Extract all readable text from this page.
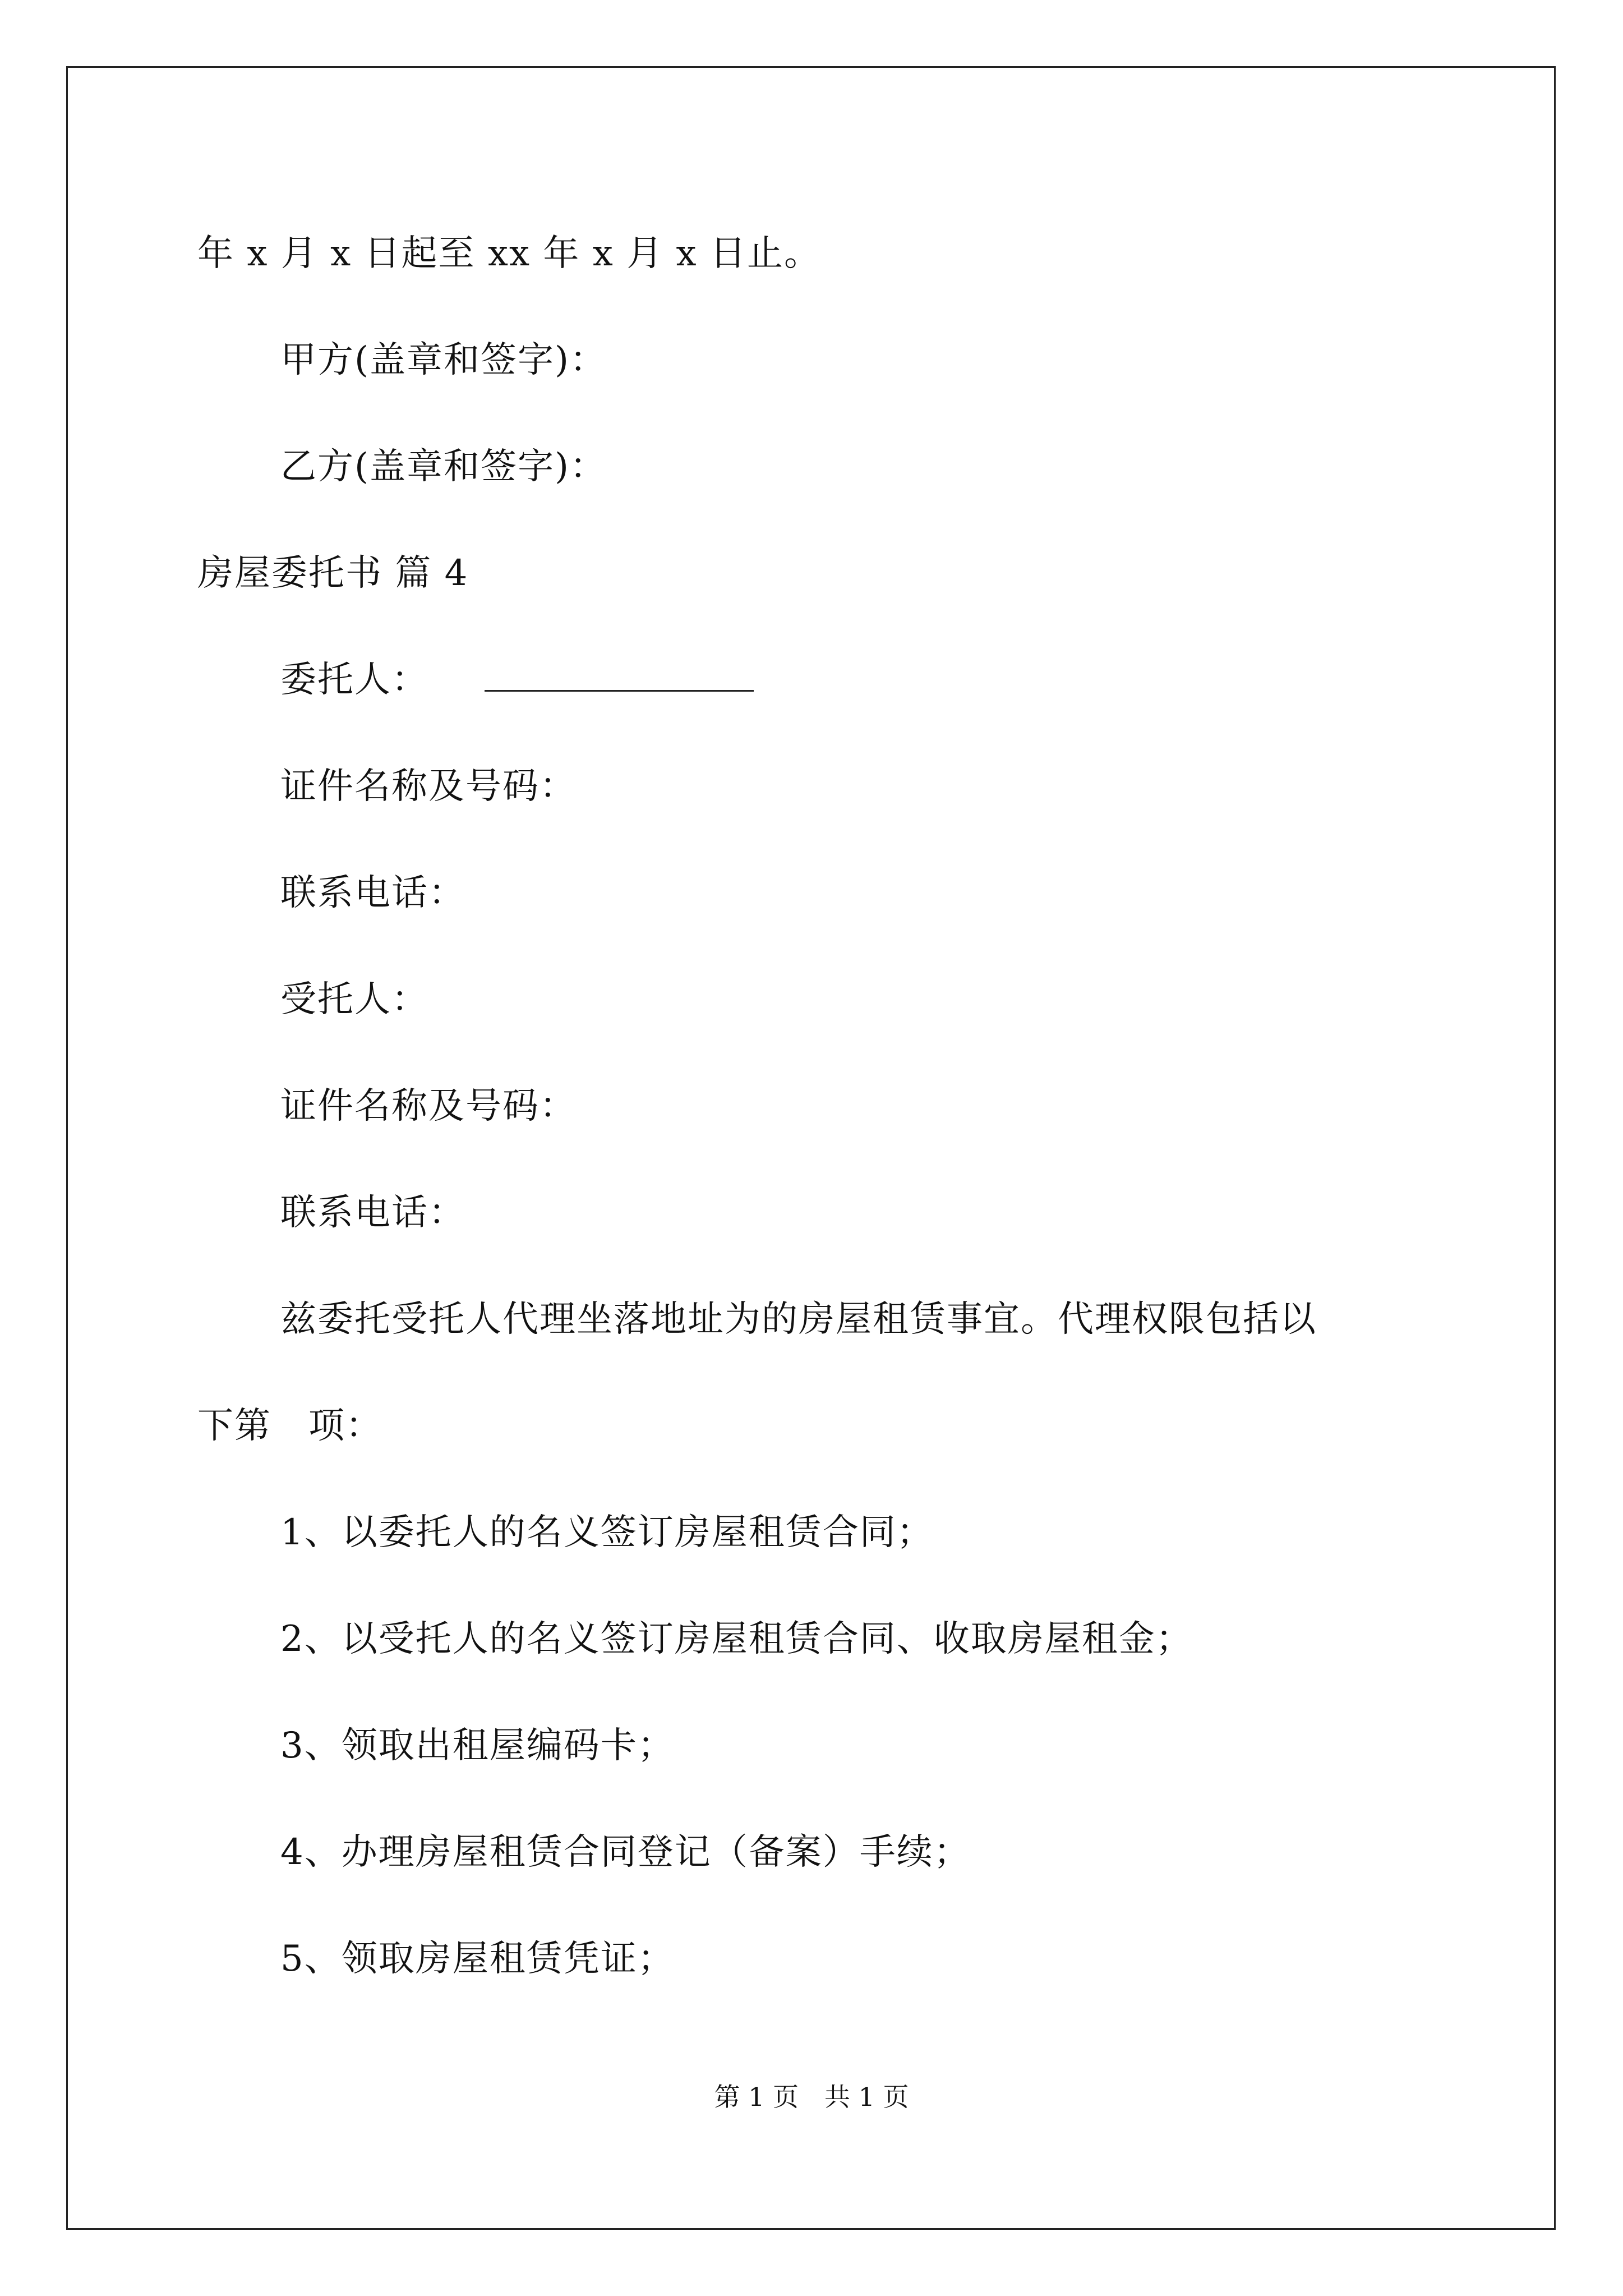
年 x 月 x 日起至 xx 年 x 月 x 日止。
甲方(盖章和签字)：
乙方(盖章和签字)：
房屋委托书 篇 4
委托人：
证件名称及号码：
联系电话：
受托人：
证件名称及号码：
联系电话：
兹委托受托人代理坐落地址为的房屋租赁事宜。代理权限包括以
下第　项：
1、以委托人的名义签订房屋租赁合同；
2、以受托人的名义签订房屋租赁合同、收取房屋租金；
3、领取出租屋编码卡；
4、办理房屋租赁合同登记（备案）手续；
5、领取房屋租赁凭证；
第 1 页　共 1 页
